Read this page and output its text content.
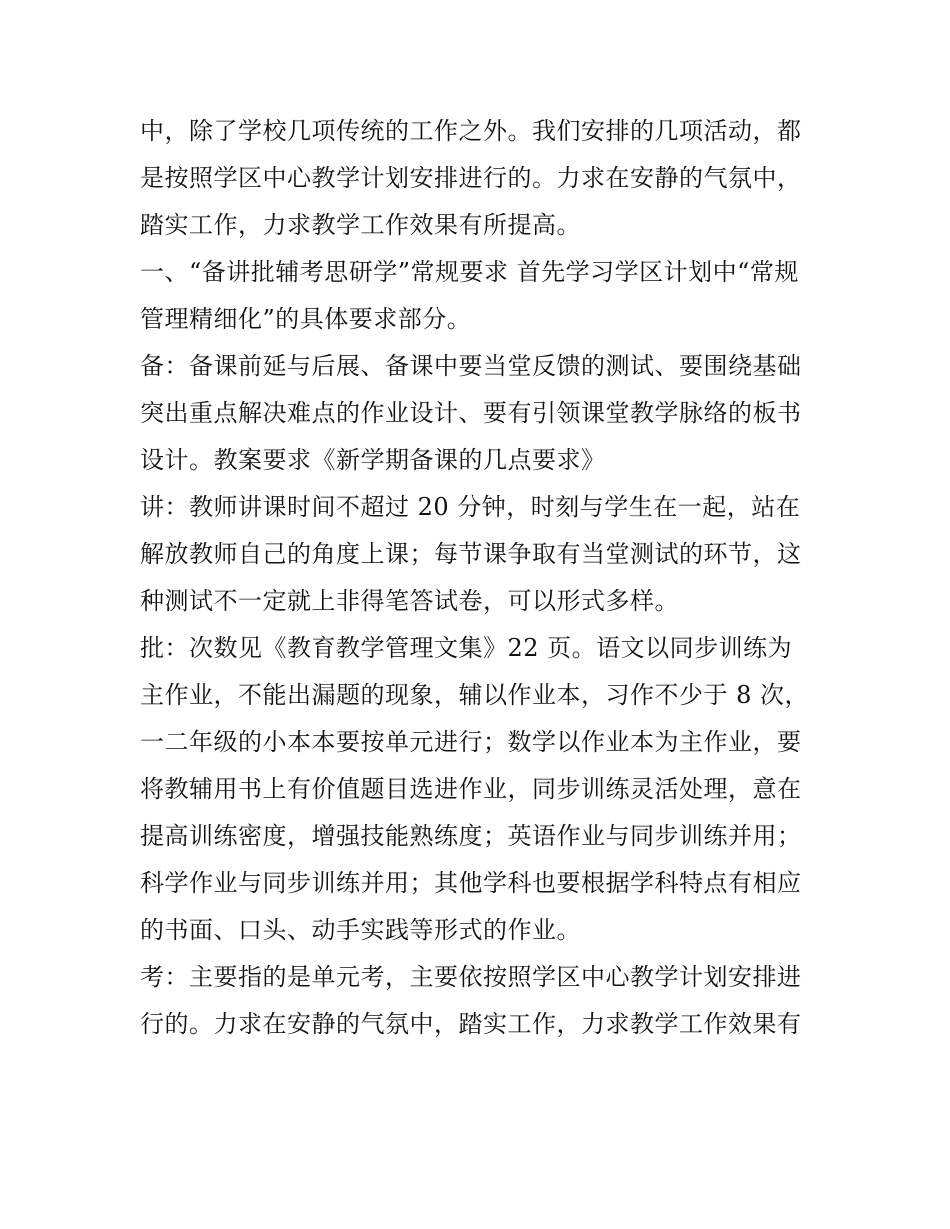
中，除了学校几项传统的工作之外。我们安排的几项活动，都
是按照学区中心教学计划安排进行的。力求在安静的气氛中，
踏实工作，力求教学工作效果有所提高。
一、“备讲批辅考思研学”常规要求 首先学习学区计划中“常规
管理精细化”的具体要求部分。
备：备课前延与后展、备课中要当堂反馈的测试、要围绕基础
突出重点解决难点的作业设计、要有引领课堂教学脉络的板书
设计。教案要求《新学期备课的几点要求》
讲：教师讲课时间不超过 20 分钟，时刻与学生在一起，站在
解放教师自己的角度上课；每节课争取有当堂测试的环节，这
种测试不一定就上非得笔答试卷，可以形式多样。
批：次数见《教育教学管理文集》22 页。语文以同步训练为
主作业，不能出漏题的现象，辅以作业本，习作不少于 8 次，
一二年级的小本本要按单元进行；数学以作业本为主作业，要
将教辅用书上有价值题目选进作业，同步训练灵活处理，意在
提高训练密度，增强技能熟练度；英语作业与同步训练并用；
科学作业与同步训练并用；其他学科也要根据学科特点有相应
的书面、口头、动手实践等形式的作业。
考：主要指的是单元考，主要依按照学区中心教学计划安排进
行的。力求在安静的气氛中，踏实工作，力求教学工作效果有
